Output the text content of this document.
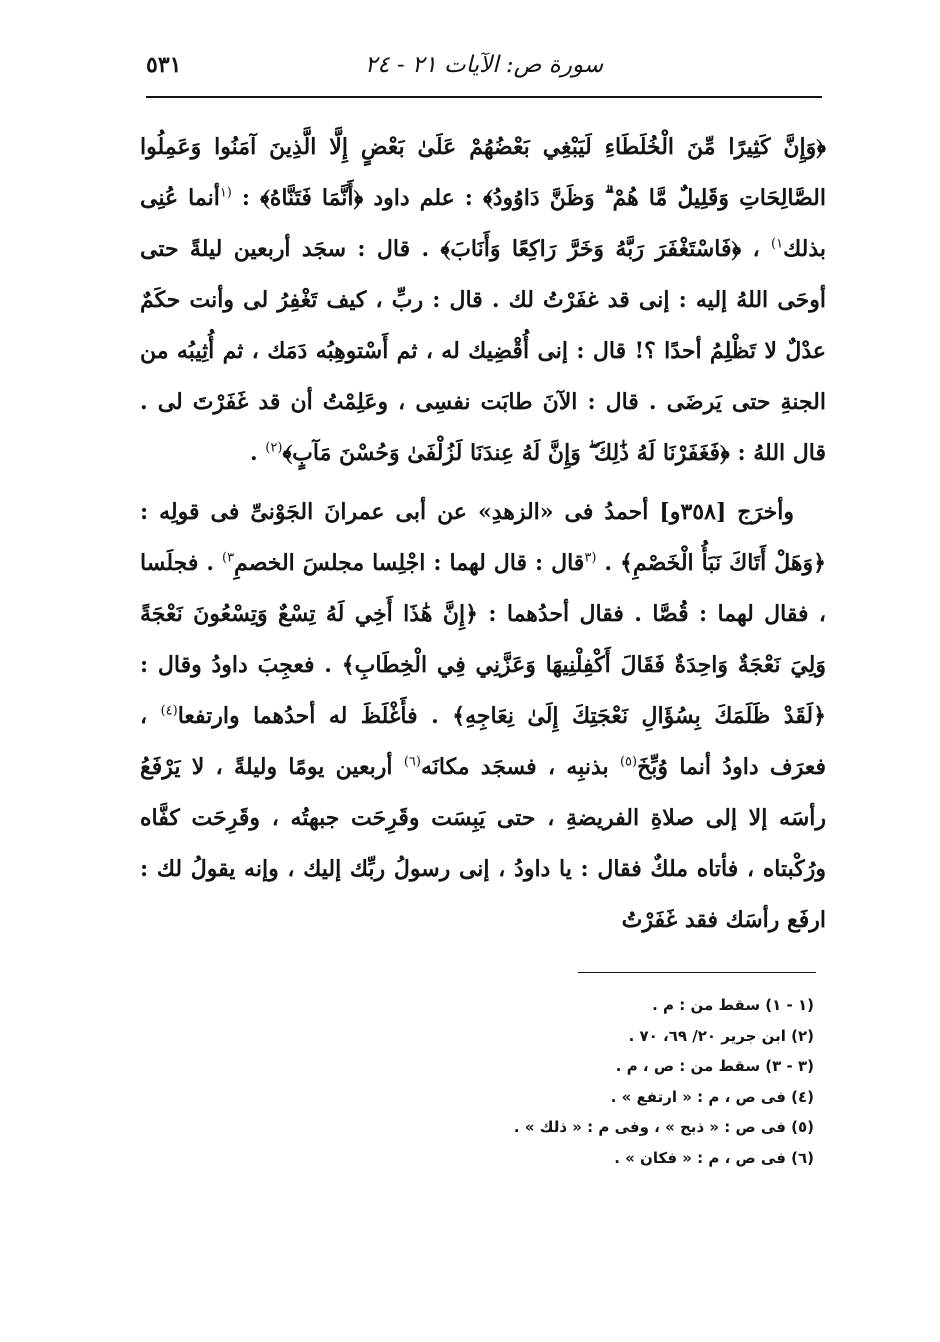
٥٣١	سورة ص: الآيات ٢١ - ٢٤

﴿وَإِنَّ كَثِيرًا مِّنَ الْخُلَطَاءِ لَيَبْغِي بَعْضُهُمْ عَلَىٰ بَعْضٍ إِلَّا الَّذِينَ آمَنُوا وَعَمِلُوا الصَّالِحَاتِ وَقَلِيلٌ مَّا هُمْ ۗ وَظَنَّ دَاوُودُ﴾ : علم داود ﴿أَنَّمَا فَتَنَّاهُ﴾ : $^{(١}$أنما عُنِى بذلك$^{١)}$ ، ﴿فَاسْتَغْفَرَ رَبَّهُ وَخَرَّ رَاكِعًا وَأَنَابَ﴾ . قال : سجَد أربعين ليلةً حتى أوحَى اللهُ إليه : إنى قد غفَرْتُ لك . قال : ربِّ ، كيف تَغْفِرُ لى وأنت حكَمٌ عدْلٌ لا تَظْلِمُ أحدًا ؟! قال : إنى أُقْضِيك له ، ثم أَسْتوهِبُه دَمَك ، ثم أُثِيبُه من الجنةِ حتى يَرضَى . قال : الآنَ طابَت نفسِى ، وعَلِمْتُ أن قد غَفَرْتَ لى . قال اللهُ : ﴿فَغَفَرْنَا لَهُ ذَٰلِكَ ۖ وَإِنَّ لَهُ عِندَنَا لَزُلْفَىٰ وَحُسْنَ مَآبٍ﴾$^{(٢)}$ .

وأخرَج [٣٥٨و] أحمدُ فى «الزهدِ» عن أبى عمرانَ الجَوْنىِّ فى قولِه : ﴿وَهَلْ أَتَاكَ نَبَأُ الْخَصْمِ﴾ . $^{(٣}$قال : قال لهما : اجْلِسا مجلسَ الخصمِ$^{٣)}$ . فجلَسا ، فقال لهما : قُصَّا . فقال أحدُهما : ﴿إِنَّ هَٰذَا أَخِي لَهُ تِسْعٌ وَتِسْعُونَ نَعْجَةً وَلِيَ نَعْجَةٌ وَاحِدَةٌ فَقَالَ أَكْفِلْنِيهَا وَعَزَّنِي فِي الْخِطَابِ﴾ . فعجِبَ داودُ وقال : ﴿لَقَدْ ظَلَمَكَ بِسُؤَالِ نَعْجَتِكَ إِلَىٰ نِعَاجِهِ﴾ . فأَغْلَظَ له أحدُهما وارتفعا$^{(٤)}$ ، فعرَف داودُ أنما وُبِّخَ$^{(٥)}$ بذنبِه ، فسجَد مكانَه$^{(٦)}$ أربعين يومًا وليلةً ، لا يَرْفَعُ رأسَه إلا إلى صلاةِ الفريضةِ ، حتى يَبِسَت وقَرِحَت جبهتُه ، وقَرِحَت كفَّاه ورُكْبتاه ، فأتاه ملكٌ فقال : يا داودُ ، إنى رسولُ ربِّك إليك ، وإنه يقولُ لك : ارفَع رأسَك فقد غَفَرْتُ

(١ - ١) سقط من : م .
(٢) ابن جرير ٢٠/ ٦٩، ٧٠ .
(٣ - ٣) سقط من : ص ، م .
(٤) فى ص ، م : « ارتفع » .
(٥) فى ص : « ذبح » ، وفى م : « ذلك » .
(٦) فى ص ، م : « فكان » .
